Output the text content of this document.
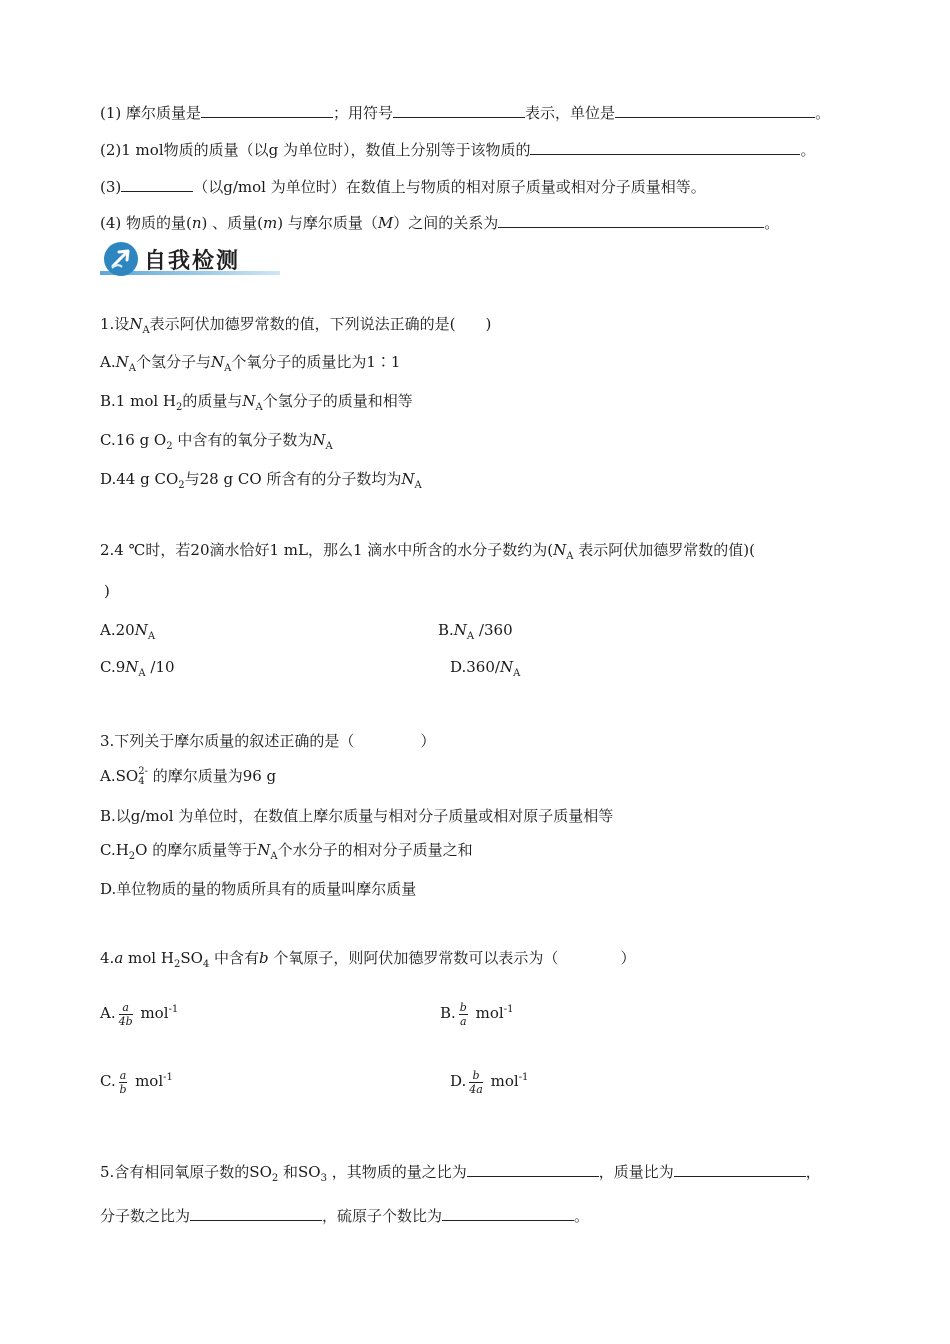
(1) 摩尔质量是	；用符号	表示，单位是	。
(2)1 mol物质的质量（以g 为单位时），数值上分别等于该物质的	。
(3)	（以g/mol 为单位时）在数值上与物质的相对原子质量或相对分子质量相等。
(4) 物质的量(n) 、质量(m) 与摩尔质量（M）之间的关系为	。
自我检测
1.设$N_A$表示阿伏加德罗常数的值，下列说法正确的是( )
$A.N_A$个氢分子与$N_A$个氧分子的质量比为1∶1
B.1 mol $H_2$的质量与$N_A$个氢分子的质量和相等
C.16 g $O_2$ 中含有的氧分子数为$N_A$
D.44 g $CO_2$与28 g CO 所含有的分子数均为$N_A$
2.4 ℃时，若20滴水恰好1 mL，那么1 滴水中所含的水分子数约为($N_A$ 表示阿伏加德罗常数的值)(
)
$A.20N_A$	$B.N_A$ /360
$C.9N_A$ /10	$D.360/N_A$
3.下列关于摩尔质量的叙述正确的是（	）
A.SO 2-
4 的摩尔质量为96 g
B.以g/mol 为单位时，在数值上摩尔质量与相对分子质量或相对原子质量相等
$C.H_2O$ 的摩尔质量等于$N_A$个水分子的相对分子质量之和
D.单位物质的量的物质所具有的质量叫摩尔质量
4.a mol $H_2SO_4$ 中含有b 个氧原子，则阿伏加德罗常数可以表示为（	）
A. $\frac{a}{4b} mol^{-1}$	B. $\frac{b}{a} mol^{-1}$
C. $\frac{a}{b} mol^{-1}$	D. $\frac{b}{4a} mol^{-1}$
5.含有相同氧原子数的$SO_2$ 和$SO_3$ ，其物质的量之比为	，质量比为	，
分子数之比为	，硫原子个数比为	。
